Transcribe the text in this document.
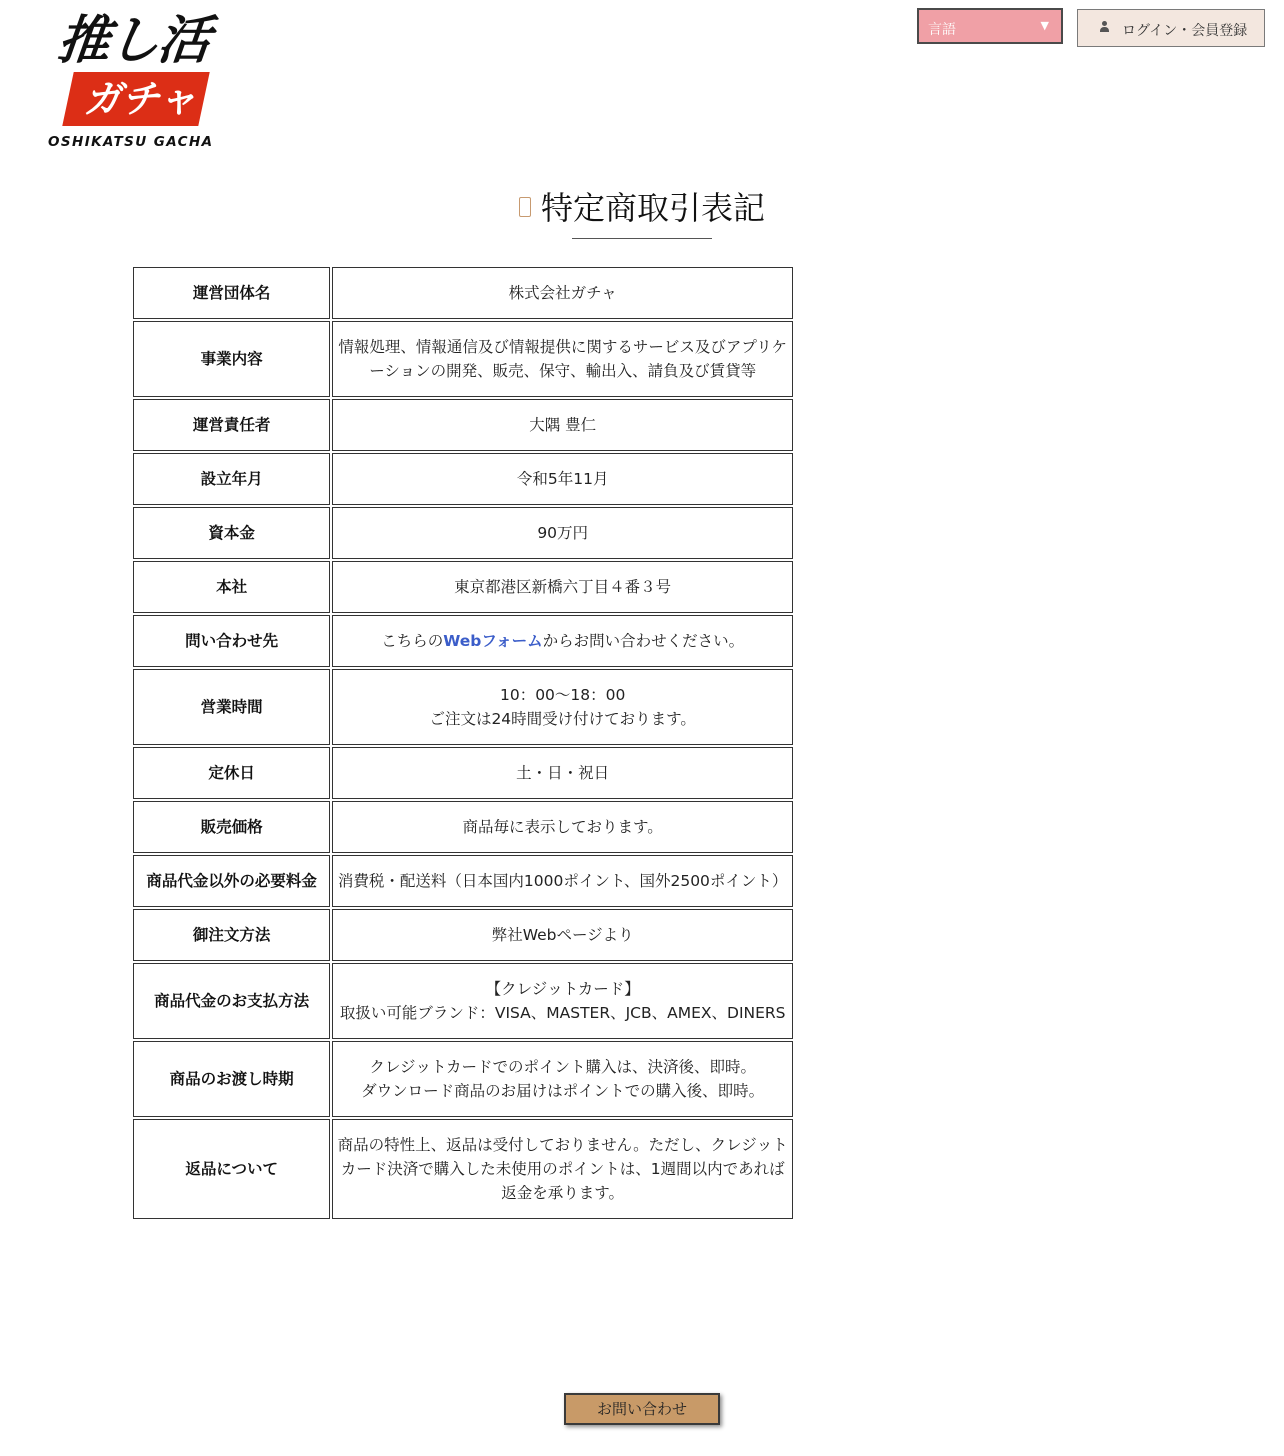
推し活
ガチャ
OSHIKATSU GACHA
言語	▼	ログイン・会員登録
特定商取引表記
運営団体名	株式会社ガチャ

事業内容	情報処理、情報通信及び情報提供に関するサービス及びアプリケーションの開発、販売、保守、輸出入、請負及び賃貸等

運営責任者	大隅 豊仁

設立年月	令和5年11月

資本金	90万円

本社	東京都港区新橋六丁目４番３号

問い合わせ先	こちらのWebフォームからお問い合わせください。
営業時間	10：00〜18：00
ご注文は24時間受け付けております。

定休日	土・日・祝日

販売価格	商品毎に表示しております。

商品代金以外の必要料金	消費税・配送料（日本国内1000ポイント、国外2500ポイント）

御注文方法	弊社Webページより

商品代金のお支払方法	【クレジットカード】
取扱い可能ブランド：VISA、MASTER、JCB、AMEX、DINERS

商品のお渡し時期	クレジットカードでのポイント購入は、決済後、即時。
ダウンロード商品のお届けはポイントでの購入後、即時。

返品について	商品の特性上、返品は受付しておりません。ただし、クレジットカード決済で購入した未使用のポイントは、1週間以内であれば返金を承ります。
お問い合わせ
